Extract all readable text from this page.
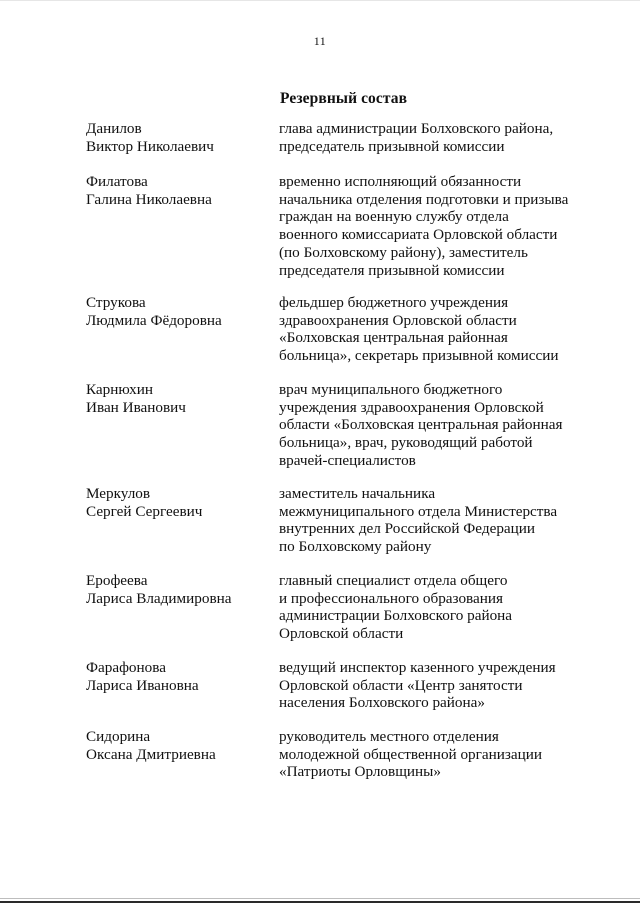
11
Резервный состав
Данилов
Виктор Николаевич
глава администрации Болховского района,
председатель призывной комиссии
Филатова
Галина Николаевна
временно исполняющий обязанности
начальника отделения подготовки и призыва
граждан на военную службу отдела
военного комиссариата Орловской области
(по Болховскому району), заместитель
председателя призывной комиссии
Струкова
Людмила Фёдоровна
фельдшер бюджетного учреждения
здравоохранения Орловской области
«Болховская центральная районная
больница», секретарь призывной комиссии
Карнюхин
Иван Иванович
врач муниципального бюджетного
учреждения здравоохранения Орловской
области «Болховская центральная районная
больница», врач, руководящий работой
врачей-специалистов
Меркулов
Сергей Сергеевич
заместитель начальника
межмуниципального отдела Министерства
внутренних дел Российской Федерации
по Болховскому району
Ерофеева
Лариса Владимировна
главный специалист отдела общего
и профессионального образования
администрации Болховского района
Орловской области
Фарафонова
Лариса Ивановна
ведущий инспектор казенного учреждения
Орловской области «Центр занятости
населения Болховского района»
Сидорина
Оксана Дмитриевна
руководитель местного отделения
молодежной общественной организации
«Патриоты Орловщины»
